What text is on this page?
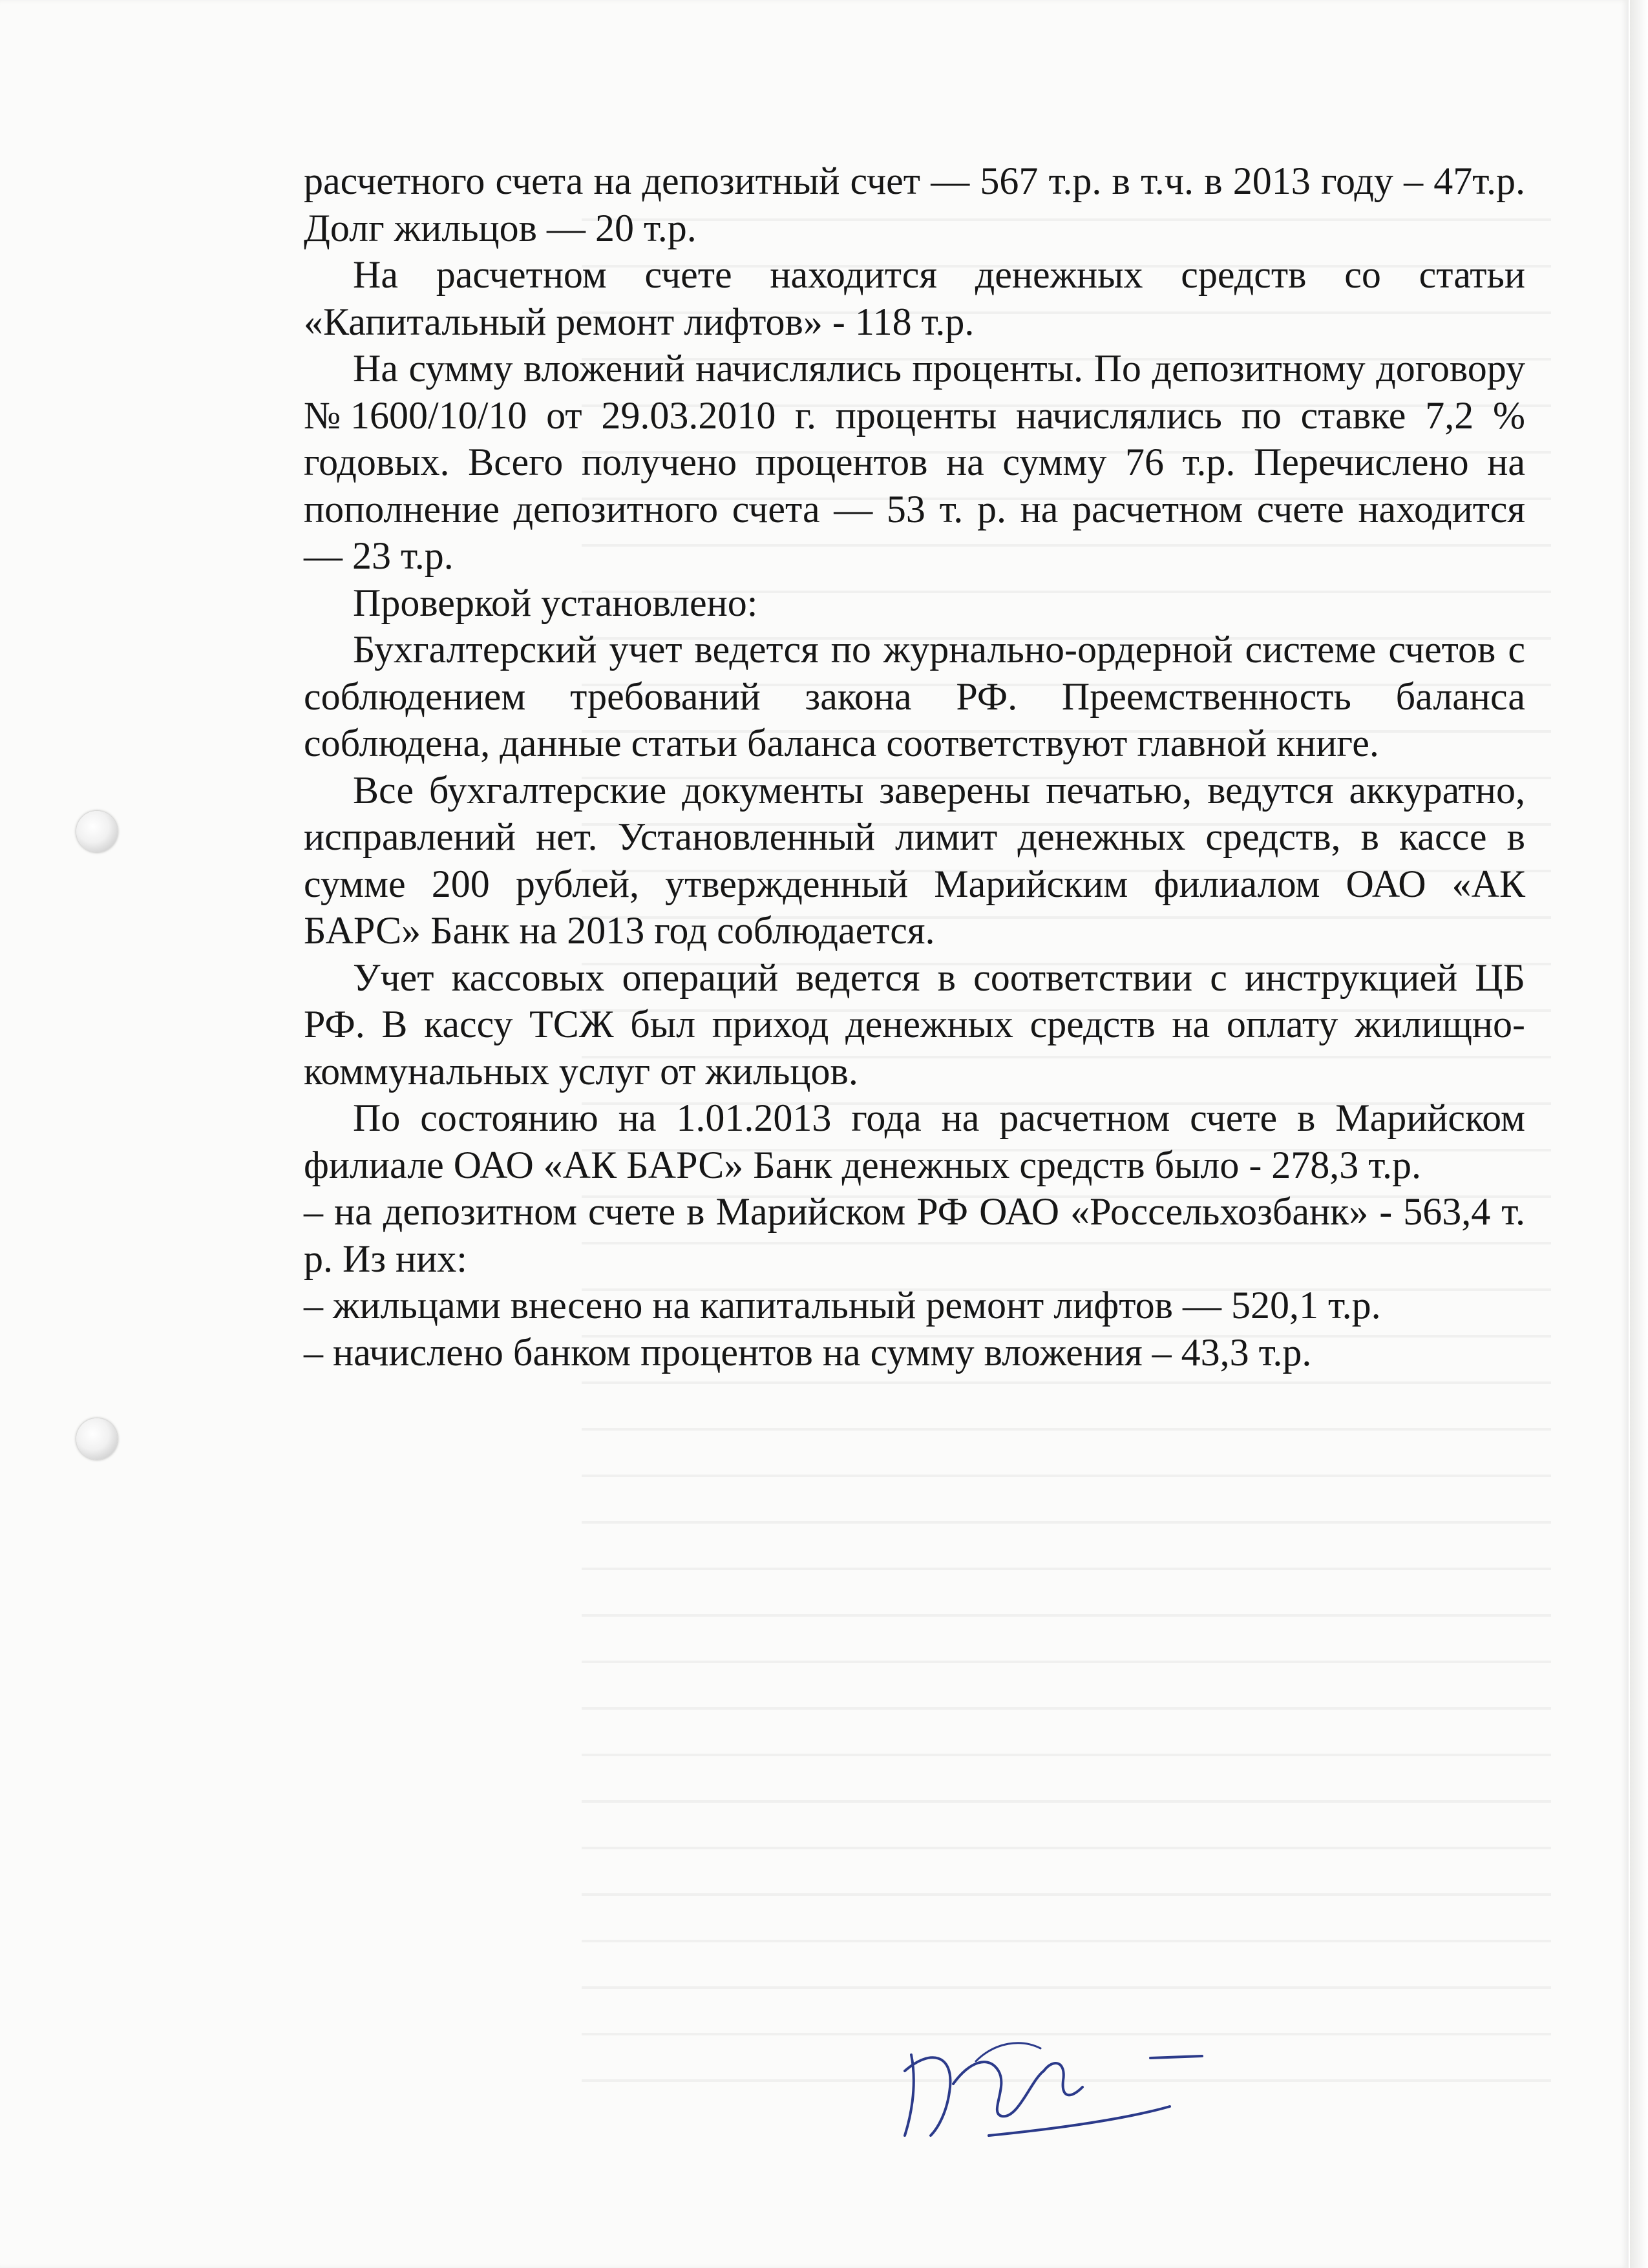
расчетного счета на депозитный счет — 567 т.р. в т.ч. в 2013 году – 47т.р. Долг жильцов — 20 т.р.

На расчетном счете находится денежных средств со статьи «Капитальный ремонт лифтов» - 118 т.р.

На сумму вложений начислялись проценты. По депозитному договору №1600/10/10 от 29.03.2010 г. проценты начислялись по ставке 7,2 % годовых. Всего получено процентов на сумму 76 т.р. Перечислено на пополнение депозитного счета — 53 т. р. на расчетном счете находится — 23 т.р.

Проверкой установлено:

Бухгалтерский учет ведется по журнально-ордерной системе счетов с соблюдением требований закона РФ. Преемственность баланса соблюдена, данные статьи баланса соответствуют главной книге.

Все бухгалтерские документы заверены печатью, ведутся аккуратно, исправлений нет. Установленный лимит денежных средств, в кассе в сумме 200 рублей, утвержденный Марийским филиалом ОАО «АК БАРС» Банк на 2013 год соблюдается.

Учет кассовых операций ведется в соответствии с инструкцией ЦБ РФ. В кассу ТСЖ был приход денежных средств на оплату жилищно-коммунальных услуг от жильцов.

По состоянию на 1.01.2013 года на расчетном счете в Марийском филиале ОАО «АК БАРС» Банк денежных средств было - 278,3 т.р.

– на депозитном счете в Марийском РФ ОАО «Россельхозбанк» - 563,4 т. р. Из них:

– жильцами внесено на капитальный ремонт лифтов — 520,1 т.р.

– начислено банком процентов на сумму вложения – 43,3 т.р.
